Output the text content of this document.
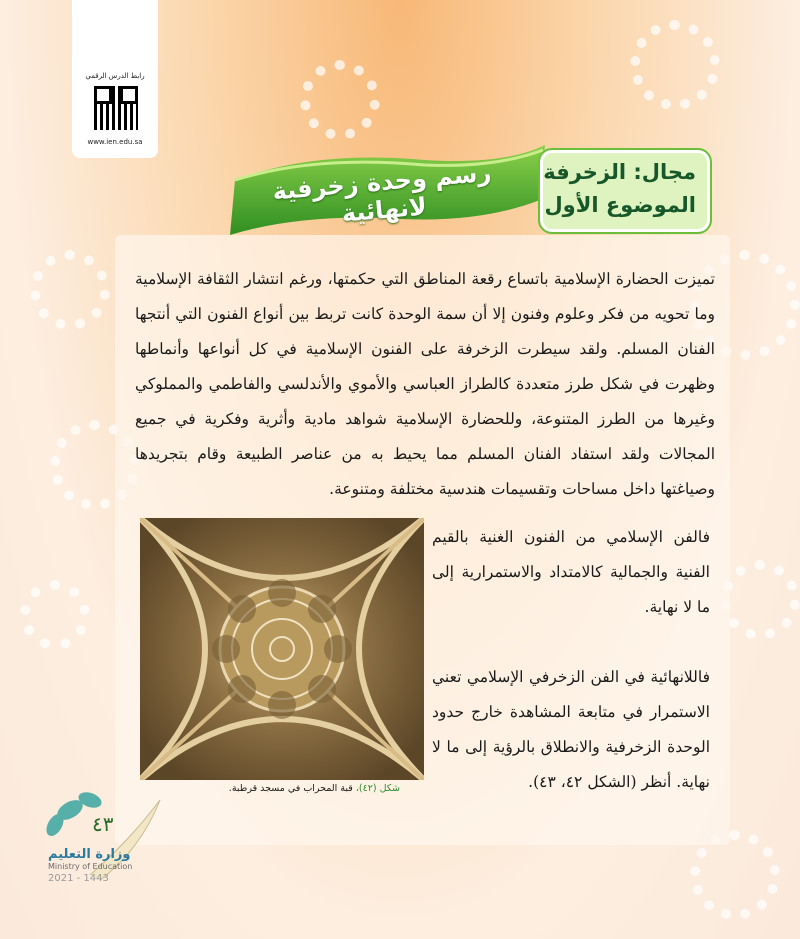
رابط الدرس الرقمي
www.ien.edu.sa
رسم وحدة زخرفية لانهائية
مجال: الزخرفة
الموضوع الأول
تميزت الحضارة الإسلامية باتساع رقعة المناطق التي حكمتها، ورغم انتشار الثقافة الإسلامية وما تحويه من فكر وعلوم وفنون إلا أن سمة الوحدة كانت تربط بين أنواع الفنون التي أنتجها الفنان المسلم. ولقد سيطرت الزخرفة على الفنون الإسلامية في كل أنواعها وأنماطها وظهرت في شكل طرز متعددة كالطراز العباسي والأموي والأندلسي والفاطمي والمملوكي وغيرها من الطرز المتنوعة، وللحضارة الإسلامية شواهد مادية وأثرية وفكرية في جميع المجالات ولقد استفاد الفنان المسلم مما يحيط به من عناصر الطبيعة وقام بتجريدها وصياغتها داخل مساحات وتقسيمات هندسية مختلفة ومتنوعة.
فالفن الإسلامي من الفنون الغنية بالقيم الفنية والجمالية كالامتداد والاستمرارية إلى ما لا نهاية.
فاللانهائية في الفن الزخرفي الإسلامي تعني الاستمرار في متابعة المشاهدة خارج حدود الوحدة الزخرفية والانطلاق بالرؤية إلى ما لا نهاية. أنظر (الشكل ٤٢، ٤٣).
شكل (٤٢)، قبة المحراب في مسجد قرطبة.
٤٣
وزارة التعليم
Ministry of Education
2021 - 1443
